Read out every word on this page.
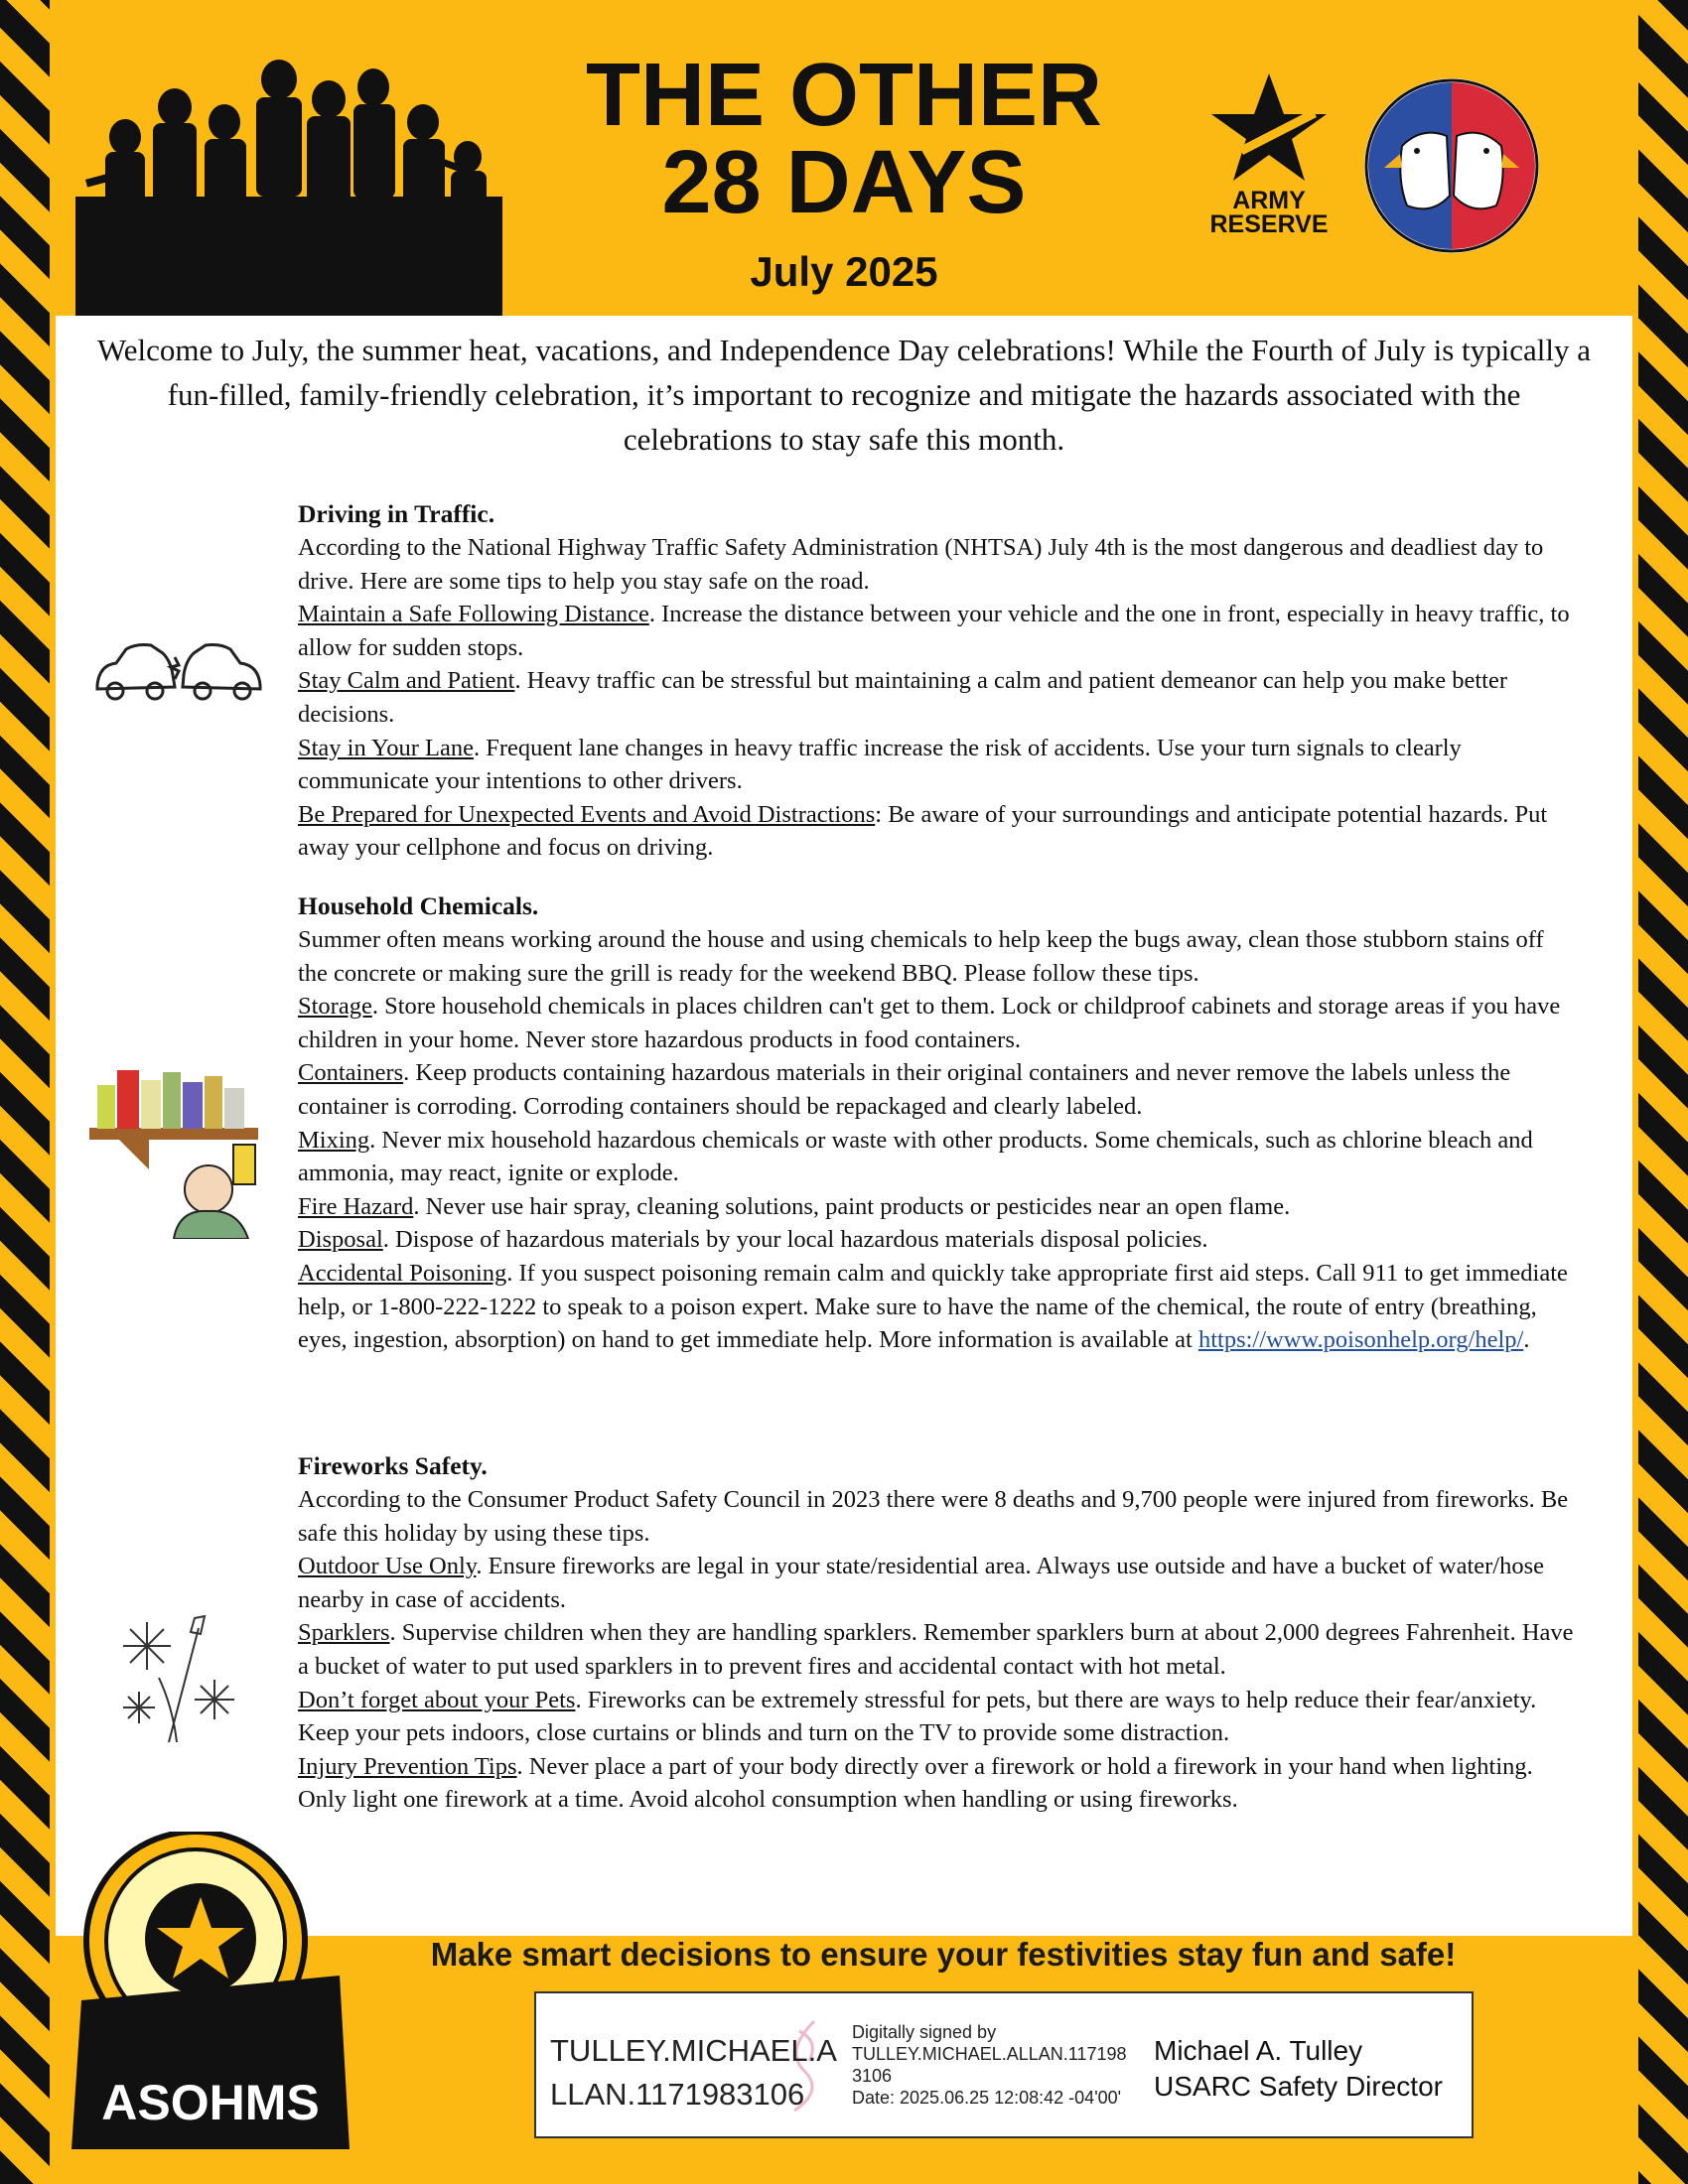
THE OTHER
28 DAYS
July 2025
ARMY
RESERVE

Welcome to July, the summer heat, vacations, and Independence Day celebrations! While the Fourth of July is typically a fun-filled, family-friendly celebration, it’s important to recognize and mitigate the hazards associated with the celebrations to stay safe this month.

Driving in Traffic.

According to the National Highway Traffic Safety Administration (NHTSA) July 4th is the most dangerous and deadliest day to drive. Here are some tips to help you stay safe on the road.

Maintain a Safe Following Distance. Increase the distance between your vehicle and the one in front, especially in heavy traffic, to allow for sudden stops.

Stay Calm and Patient. Heavy traffic can be stressful but maintaining a calm and patient demeanor can help you make better decisions.

Stay in Your Lane. Frequent lane changes in heavy traffic increase the risk of accidents. Use your turn signals to clearly communicate your intentions to other drivers.

Be Prepared for Unexpected Events and Avoid Distractions: Be aware of your surroundings and anticipate potential hazards. Put away your cellphone and focus on driving.

Household Chemicals.

Summer often means working around the house and using chemicals to help keep the bugs away, clean those stubborn stains off the concrete or making sure the grill is ready for the weekend BBQ. Please follow these tips.

Storage. Store household chemicals in places children can't get to them. Lock or childproof cabinets and storage areas if you have children in your home. Never store hazardous products in food containers.

Containers. Keep products containing hazardous materials in their original containers and never remove the labels unless the container is corroding. Corroding containers should be repackaged and clearly labeled.

Mixing. Never mix household hazardous chemicals or waste with other products. Some chemicals, such as chlorine bleach and ammonia, may react, ignite or explode.

Fire Hazard. Never use hair spray, cleaning solutions, paint products or pesticides near an open flame.

Disposal. Dispose of hazardous materials by your local hazardous materials disposal policies.

Accidental Poisoning. If you suspect poisoning remain calm and quickly take appropriate first aid steps. Call 911 to get immediate help, or 1-800-222-1222 to speak to a poison expert. Make sure to have the name of the chemical, the route of entry (breathing, eyes, ingestion, absorption) on hand to get immediate help. More information is available at https://www.poisonhelp.org/help/.

Fireworks Safety.

According to the Consumer Product Safety Council in 2023 there were 8 deaths and 9,700 people were injured from fireworks. Be safe this holiday by using these tips.

Outdoor Use Only. Ensure fireworks are legal in your state/residential area. Always use outside and have a bucket of water/hose nearby in case of accidents.

Sparklers. Supervise children when they are handling sparklers. Remember sparklers burn at about 2,000 degrees Fahrenheit. Have a bucket of water to put used sparklers in to prevent fires and accidental contact with hot metal.

Don’t forget about your Pets. Fireworks can be extremely stressful for pets, but there are ways to help reduce their fear/anxiety. Keep your pets indoors, close curtains or blinds and turn on the TV to provide some distraction.

Injury Prevention Tips. Never place a part of your body directly over a firework or hold a firework in your hand when lighting. Only light one firework at a time. Avoid alcohol consumption when handling or using fireworks.

ASOHMS
Make smart decisions to ensure your festivities stay fun and safe!
TULLEY.MICHAEL.A
LLAN.1171983106
Digitally signed by
TULLEY.MICHAEL.ALLAN.117198
3106
Date: 2025.06.25 12:08:42 -04'00'
Michael A. Tulley
USARC Safety Director
